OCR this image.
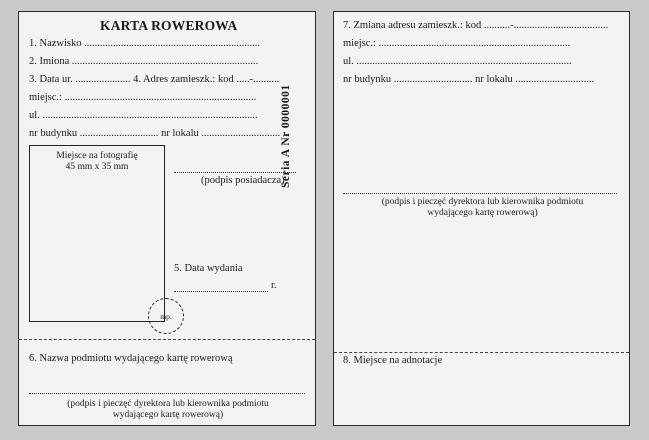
KARTA ROWEROWA
1. Nazwisko ...................................................................
2. Imiona .......................................................................
3. Data ur. ..................... 4. Adres zamieszk.: kod .....-..........
miejsc.: .........................................................................
ul. ..................................................................................
nr budynku .............................. nr lokalu ..............................
Miejsce na fotografię
45 mm x 35 mm
(podpis posiadacza)
Seria A Nr 0000001
5. Data wydania
r.
mp.
6. Nazwa podmiotu wydającego kartę rowerową
(podpis i pieczęć dyrektora lub kierownika podmiotu
wydającego kartę rowerową)
7. Zmiana adresu zamieszk.: kod ..........-....................................
miejsc.: .........................................................................
ul. ..................................................................................
nr budynku .............................. nr lokalu ..............................
(podpis i pieczęć dyrektora lub kierownika podmiotu
wydającego kartę rowerową)
8. Miejsce na adnotacje
